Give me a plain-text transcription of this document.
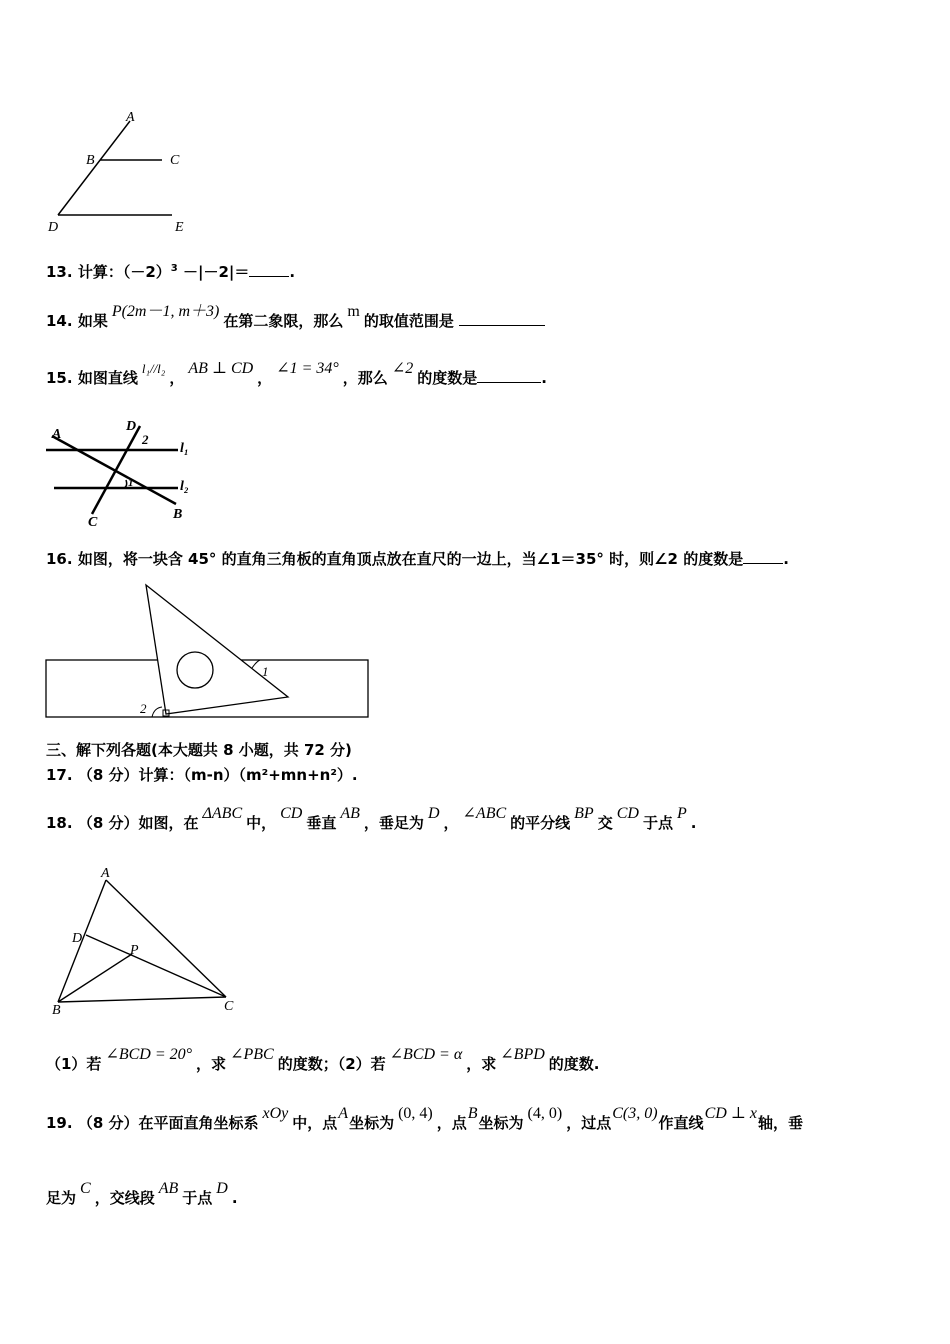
A
B	C
D	E
13. 计算：$(-2)^3 -|-2|=$	.
14. 如果P(2m－1, m＋3)在第二象限，那么m的取值范围是
15. 如图直线l₁//l₂，AB ⊥ CD，∠1 = 34°，那么∠2的度数是	.
A
D
2
l₁
l₂
1
C
B
16. 如图，将一块含 45° 的直角三角板的直角顶点放在直尺的一边上，当∠1＝35° 时，则∠2 的度数是	.
1
2
三、解下列各题(本大题共 8 小题，共 72 分)
17. （8 分）计算：（m-n）（m²+mn+n²）.
18. （8 分）如图，在ΔABC中，CD垂直AB，垂足为D，∠ABC的平分线BP交CD于点P.
A
D
P
B	C
（1）若∠BCD = 20°，求∠PBC的度数；（2）若∠BCD = α，求∠BPD的度数.
19. （8 分）在平面直角坐标系xOy中，点A坐标为(0, 4)，点B坐标为(4, 0)，过点C(3, 0)作直线CD ⊥ x轴，垂
足为C，交线段AB于点D.
